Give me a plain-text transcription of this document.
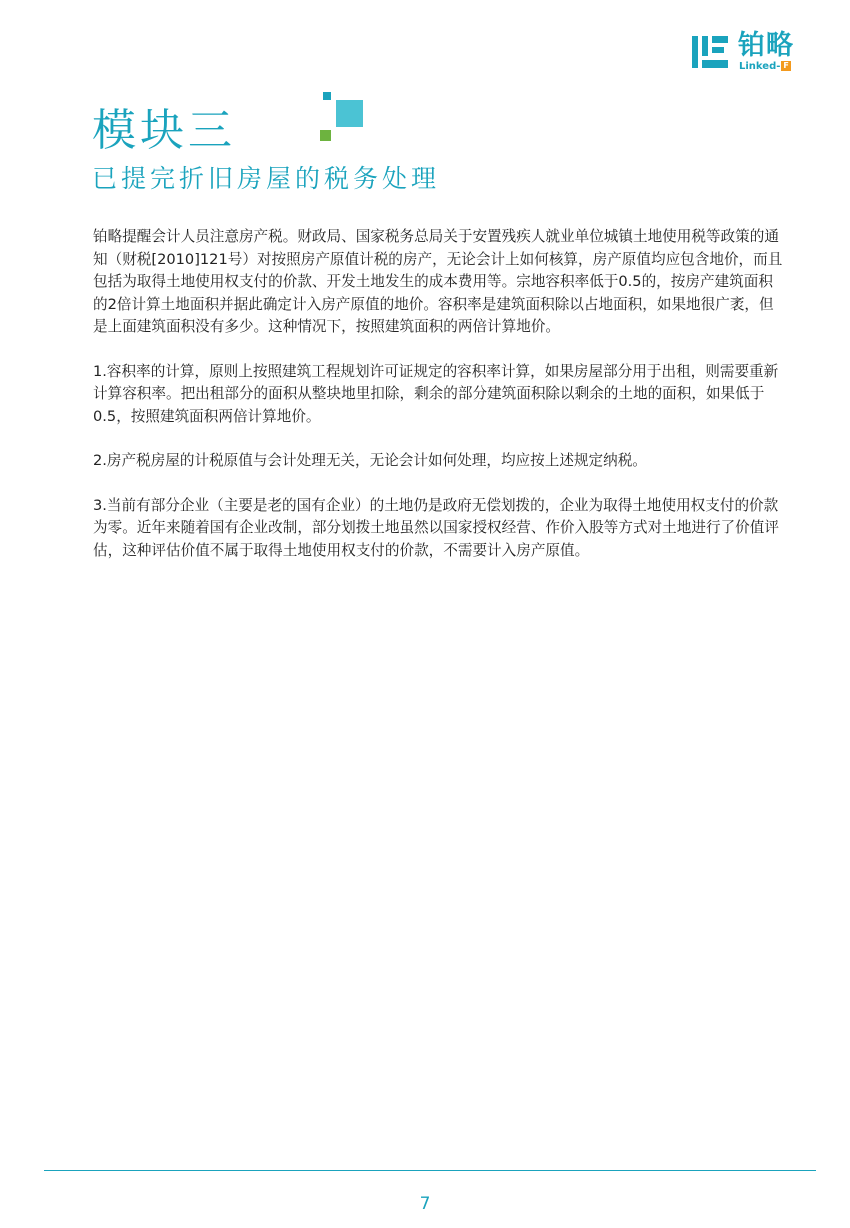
铂略
Linked- F
模块三
已提完折旧房屋的税务处理

铂略提醒会计人员注意房产税。财政局、国家税务总局关于安置残疾人就业单位城镇土地使用税等政策的通知（财税[2010]121号）对按照房产原值计税的房产，无论会计上如何核算，房产原值均应包含地价，而且包括为取得土地使用权支付的价款、开发土地发生的成本费用等。宗地容积率低于0.5的，按房产建筑面积的2倍计算土地面积并据此确定计入房产原值的地价。容积率是建筑面积除以占地面积，如果地很广袤，但是上面建筑面积没有多少。这种情况下，按照建筑面积的两倍计算地价。

1.容积率的计算，原则上按照建筑工程规划许可证规定的容积率计算，如果房屋部分用于出租，则需要重新计算容积率。把出租部分的面积从整块地里扣除，剩余的部分建筑面积除以剩余的土地的面积，如果低于0.5，按照建筑面积两倍计算地价。

2.房产税房屋的计税原值与会计处理无关，无论会计如何处理，均应按上述规定纳税。

3.当前有部分企业（主要是老的国有企业）的土地仍是政府无偿划拨的，企业为取得土地使用权支付的价款为零。近年来随着国有企业改制，部分划拨土地虽然以国家授权经营、作价入股等方式对土地进行了价值评估，这种评估价值不属于取得土地使用权支付的价款，不需要计入房产原值。

7
